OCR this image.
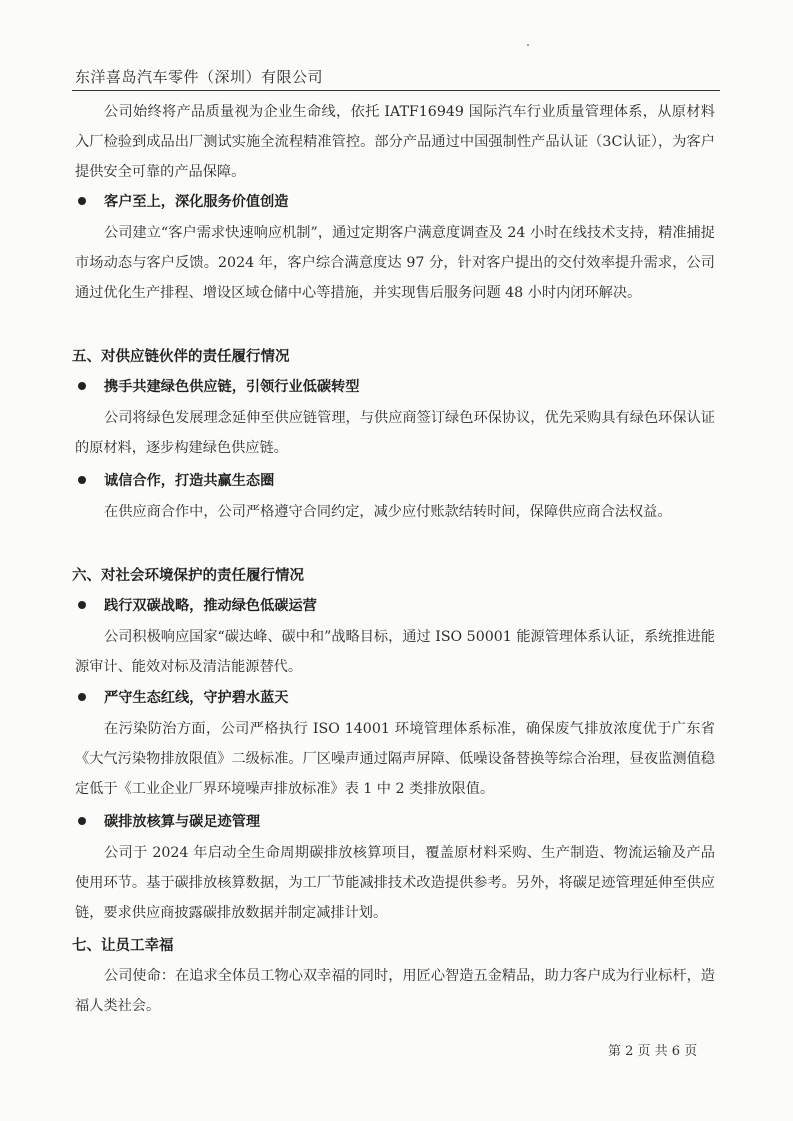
东洋喜岛汽车零件（深圳）有限公司
公司始终将产品质量视为企业生命线，依托 IATF16949 国际汽车行业质量管理体系，从原材料入厂检验到成品出厂测试实施全流程精准管控。部分产品通过中国强制性产品认证（3C认证），为客户提供安全可靠的产品保障。
客户至上，深化服务价值创造
公司建立“客户需求快速响应机制”，通过定期客户满意度调查及 24 小时在线技术支持，精准捕捉市场动态与客户反馈。2024 年，客户综合满意度达 97 分，针对客户提出的交付效率提升需求，公司通过优化生产排程、增设区域仓储中心等措施，并实现售后服务问题 48 小时内闭环解决。
五、对供应链伙伴的责任履行情况
携手共建绿色供应链，引领行业低碳转型
公司将绿色发展理念延伸至供应链管理，与供应商签订绿色环保协议，优先采购具有绿色环保认证的原材料，逐步构建绿色供应链。
诚信合作，打造共赢生态圈
在供应商合作中，公司严格遵守合同约定，减少应付账款结转时间，保障供应商合法权益。
六、对社会环境保护的责任履行情况
践行双碳战略，推动绿色低碳运营
公司积极响应国家“碳达峰、碳中和”战略目标，通过 ISO 50001 能源管理体系认证，系统推进能源审计、能效对标及清洁能源替代。
严守生态红线，守护碧水蓝天
在污染防治方面，公司严格执行 ISO 14001 环境管理体系标准，确保废气排放浓度优于广东省《大气污染物排放限值》二级标准。厂区噪声通过隔声屏障、低噪设备替换等综合治理，昼夜监测值稳定低于《工业企业厂界环境噪声排放标准》表 1 中 2 类排放限值。
碳排放核算与碳足迹管理
公司于 2024 年启动全生命周期碳排放核算项目，覆盖原材料采购、生产制造、物流运输及产品使用环节。基于碳排放核算数据，为工厂节能减排技术改造提供参考。另外，将碳足迹管理延伸至供应链，要求供应商披露碳排放数据并制定减排计划。
七、让员工幸福
公司使命：在追求全体员工物心双幸福的同时，用匠心智造五金精品，助力客户成为行业标杆，造福人类社会。
第 2 页 共 6 页
